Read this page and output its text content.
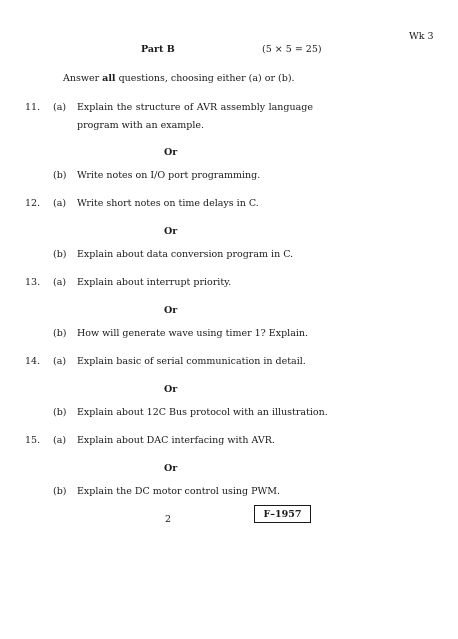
Wk 3
Part B	(5 × 5 = 25)
Answer all questions, choosing either (a) or (b).
11. (a) Explain the structure of AVR assembly language
program with an example.
Or
(b) Write notes on I/O port programming.
12. (a) Write short notes on time delays in C.
Or
(b) Explain about data conversion program in C.
13. (a) Explain about interrupt priority.
Or
(b) How will generate wave using timer 1? Explain.
14. (a) Explain basic of serial communication in detail.
Or
(b) Explain about 12C Bus protocol with an illustration.
15. (a) Explain about DAC interfacing with AVR.
Or
(b) Explain the DC motor control using PWM.
2	F–1957
